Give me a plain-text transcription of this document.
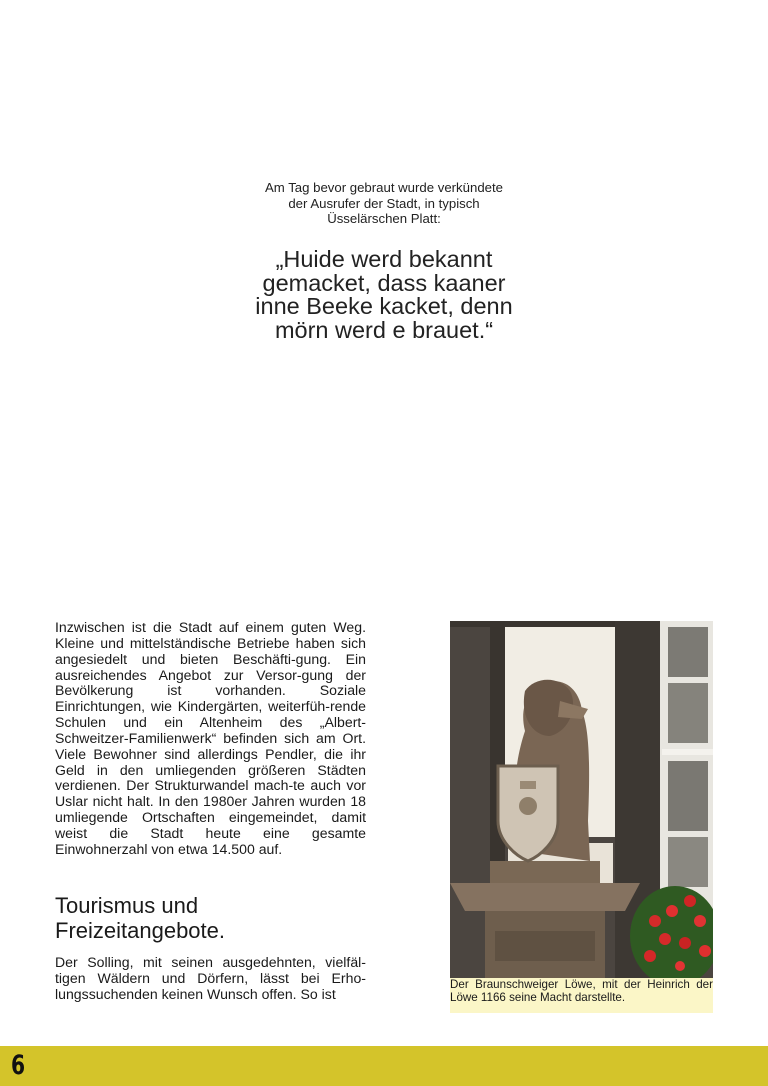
Am Tag bevor gebraut wurde verkündete
der Ausrufer der Stadt, in typisch
Üsselärschen Platt:
„Huide werd bekannt
gemacket, dass kaaner
inne Beeke kacket, denn
mörn werd e brauet.“

Inzwischen ist die Stadt auf einem guten Weg. Kleine und mittelständische Betriebe haben sich angesiedelt und bieten Beschäfti-gung. Ein ausreichendes Angebot zur Versor-gung der Bevölkerung ist vorhanden. Soziale Einrichtungen, wie Kindergärten, weiterfüh-rende Schulen und ein Altenheim des „Albert-Schweitzer-Familienwerk“ befinden sich am Ort. Viele Bewohner sind allerdings Pendler, die ihr Geld in den umliegenden größeren Städten verdienen. Der Strukturwandel mach-te auch vor Uslar nicht halt. In den 1980er Jahren wurden 18 umliegende Ortschaften eingemeindet, damit weist die Stadt heute eine gesamte Einwohnerzahl von etwa 14.500 auf.

Tourismus und
Freizeitangebote.

Der Solling, mit seinen ausgedehnten, vielfäl-tigen Wäldern und Dörfern, lässt bei Erho-lungssuchenden keinen Wunsch offen. So ist

Der Braunschweiger Löwe, mit der Heinrich der Löwe 1166 seine Macht darstellte.
6
